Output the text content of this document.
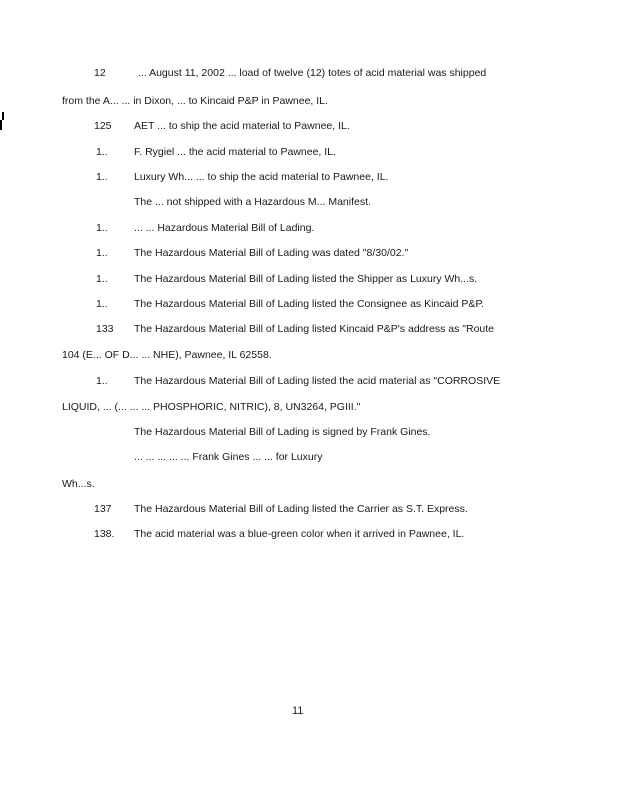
12	... August 11, 2002 ... load of twelve (12) totes of acid material was shipped
from the A... ... in Dixon, ... to Kincaid P&P in Pawnee, IL.
125 AET ... to ship the acid material to Pawnee, IL.
1..	F. Rygiel ... the acid material to Pawnee, IL.
1..	Luxury Wh... ... to ship the acid material to Pawnee, IL.
The ... not shipped with a Hazardous M... Manifest.
1..	... ... Hazardous Material Bill of Lading.
1..	The Hazardous Material Bill of Lading was dated "8/30/02."
1..	The Hazardous Material Bill of Lading listed the Shipper as Luxury Wh...s.
1..	The Hazardous Material Bill of Lading listed the Consignee as Kincaid P&P.
133 The Hazardous Material Bill of Lading listed Kincaid P&P's address as "Route
104 (E... OF D... ... NHE), Pawnee, IL 62558.
1..	The Hazardous Material Bill of Lading listed the acid material as "CORROSIVE
LIQUID, ... (... ... ... PHOSPHORIC, NITRIC), 8, UN3264, PGIII."
The Hazardous Material Bill of Lading is signed by Frank Gines.
... ... ... ... ... Frank Gines ... ... for Luxury
Wh...s.
137 The Hazardous Material Bill of Lading listed the Carrier as S.T. Express.
138. The acid material was a blue-green color when it arrived in Pawnee, IL.
11
